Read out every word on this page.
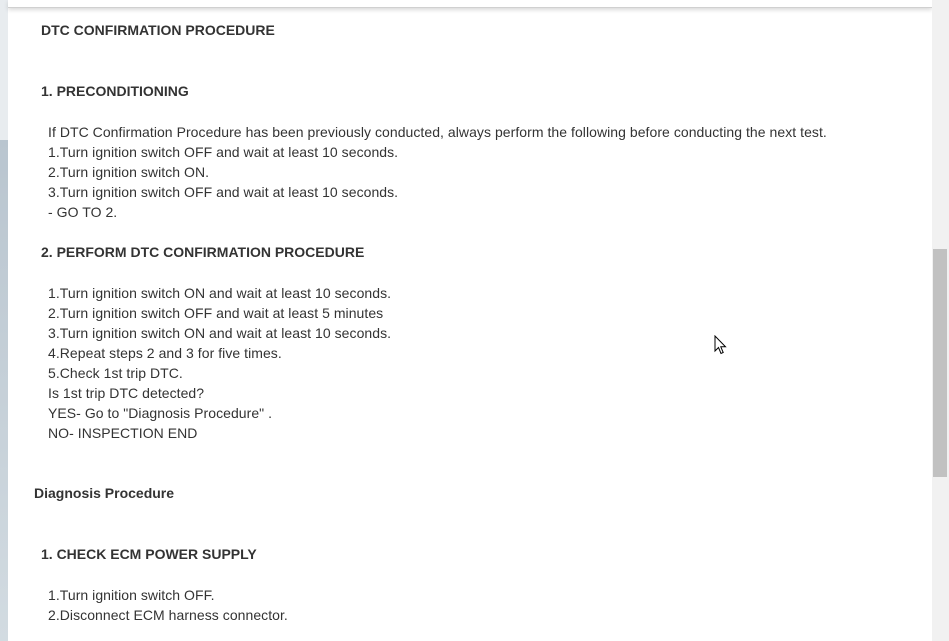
DTC CONFIRMATION PROCEDURE
1. PRECONDITIONING
If DTC Confirmation Procedure has been previously conducted, always perform the following before conducting the next test.
1.Turn ignition switch OFF and wait at least 10 seconds.
2.Turn ignition switch ON.
3.Turn ignition switch OFF and wait at least 10 seconds.
- GO TO 2.
2. PERFORM DTC CONFIRMATION PROCEDURE
1.Turn ignition switch ON and wait at least 10 seconds.
2.Turn ignition switch OFF and wait at least 5 minutes
3.Turn ignition switch ON and wait at least 10 seconds.
4.Repeat steps 2 and 3 for five times.
5.Check 1st trip DTC.
Is 1st trip DTC detected?
YES- Go to "Diagnosis Procedure" .
NO- INSPECTION END
Diagnosis Procedure
1. CHECK ECM POWER SUPPLY
1.Turn ignition switch OFF.
2.Disconnect ECM harness connector.
